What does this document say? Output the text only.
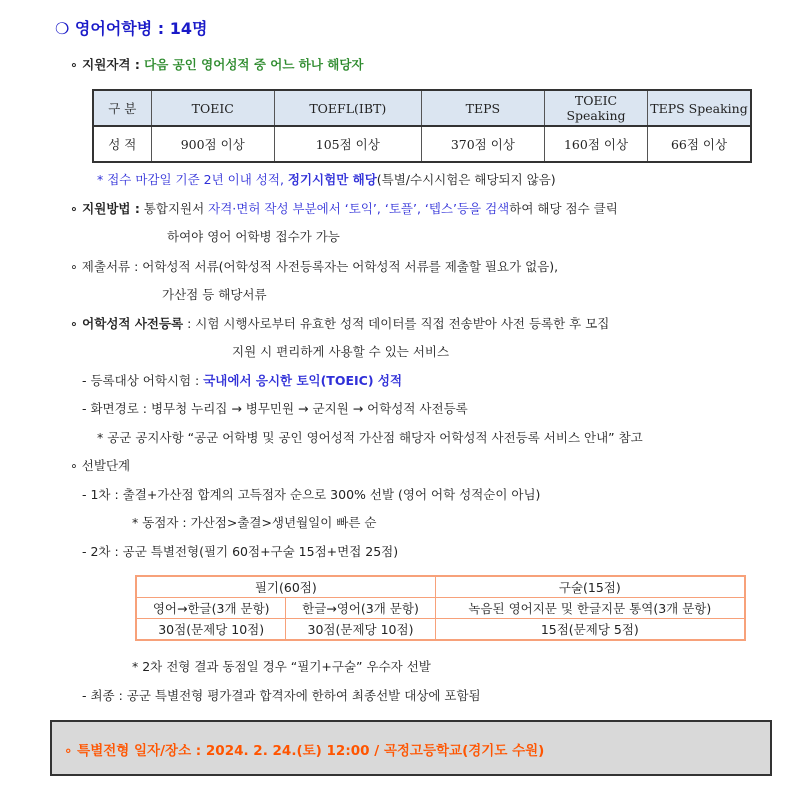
❍ 영어어학병 : 14명
∘ 지원자격 : 다음 공인 영어성적 중 어느 하나 해당자
구 분	TOEIC	TOEFL(IBT)	TEPS	TOEIC Speaking	TEPS Speaking
성 적	900점 이상	105점 이상	370점 이상	160점 이상	66점 이상
* 접수 마감일 기준 2년 이내 성적, 정기시험만 해당(특별/수시시험은 해당되지 않음)
∘ 지원방법 : 통합지원서 자격·면허 작성 부분에서 ‘토익’, ‘토플’, ‘텝스’등을 검색하여 해당 점수 클릭
하여야 영어 어학병 접수가 가능
∘ 제출서류 : 어학성적 서류(어학성적 사전등록자는 어학성적 서류를 제출할 필요가 없음),
가산점 등 해당서류
∘ 어학성적 사전등록 : 시험 시행사로부터 유효한 성적 데이터를 직접 전송받아 사전 등록한 후 모집
지원 시 편리하게 사용할 수 있는 서비스
- 등록대상 어학시험 : 국내에서 응시한 토익(TOEIC) 성적
- 화면경로 : 병무청 누리집 → 병무민원 → 군지원 → 어학성적 사전등록
* 공군 공지사항 “공군 어학병 및 공인 영어성적 가산점 해당자 어학성적 사전등록 서비스 안내” 참고
∘ 선발단계
- 1차 : 출결+가산점 합계의 고득점자 순으로 300% 선발 (영어 어학 성적순이 아님)
* 동점자 : 가산점>출결>생년월일이 빠른 순
- 2차 : 공군 특별전형(필기 60점+구술 15점+면접 25점)
필기(60점)		구술(15점)
영어→한글(3개 문항)	한글→영어(3개 문항)	녹음된 영어지문 및 한글지문 통역(3개 문항)
30점(문제당 10점)	30점(문제당 10점)	15점(문제당 5점)
* 2차 전형 결과 동점일 경우 “필기+구술” 우수자 선발
- 최종 : 공군 특별전형 평가결과 합격자에 한하여 최종선발 대상에 포함됨
∘ 특별전형 일자/장소 : 2024. 2. 24.(토) 12:00 / 곡정고등학교(경기도 수원)
